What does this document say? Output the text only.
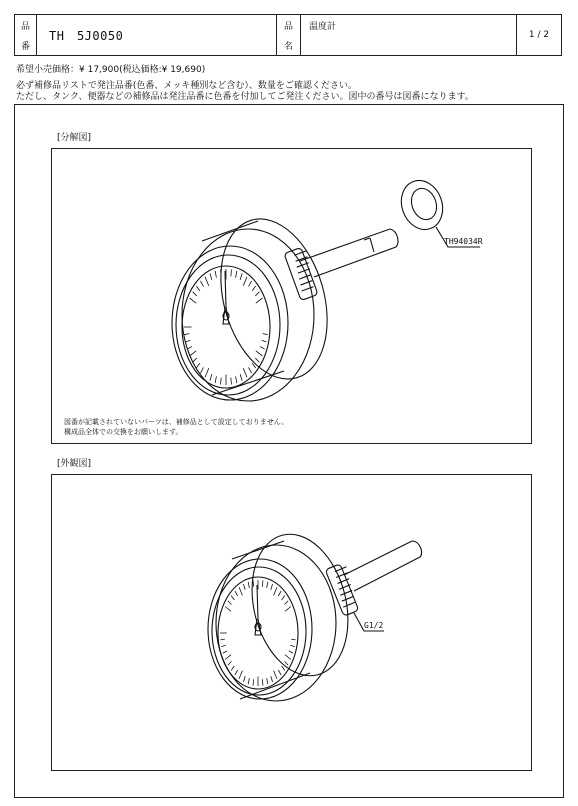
品
番
TH　5J0050
品
名
温度計
1 / 2
希望小売価格：¥ 17,900(税込価格:¥ 19,690)
必ず補修品リストで発注品番(色番、メッキ種別など含む）、数量をご確認ください。
ただし、タンク、便器などの補修品は発注品番に色番を付加してご発注ください。図中の番号は図番になります。
[分解図]
TH94034R
図番が記載されていないパーツは、補修品として設定しておりません。
構成品全体での交換をお願いします。
[外観図]
G1/2
